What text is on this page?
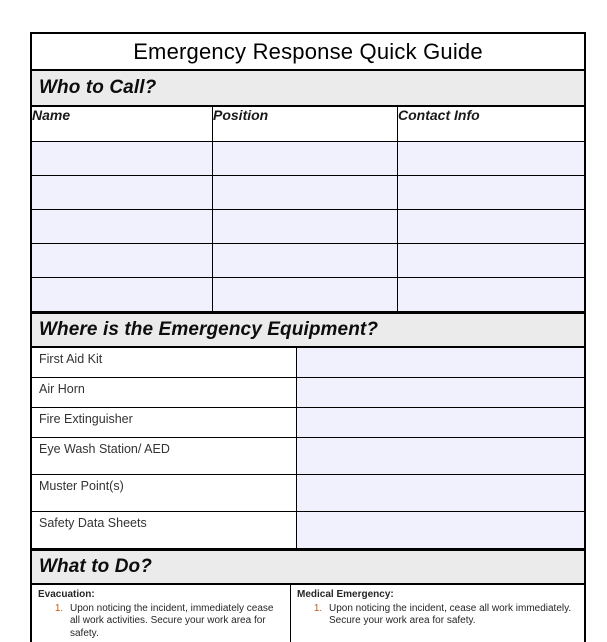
Emergency Response Quick Guide
Who to Call?
Name	Position	Contact Info

Where is the Emergency Equipment?
First Aid Kit	
Air Horn	
Fire Extinguisher	
Eye Wash Station/ AED	
Muster Point(s)	
Safety Data Sheets	
What to Do?

Evacuation:

1. Upon noticing the incident, immediately cease all work activities. Secure your work area for safety.

Medical Emergency:

1. Upon noticing the incident, cease all work immediately. Secure your work area for safety.
